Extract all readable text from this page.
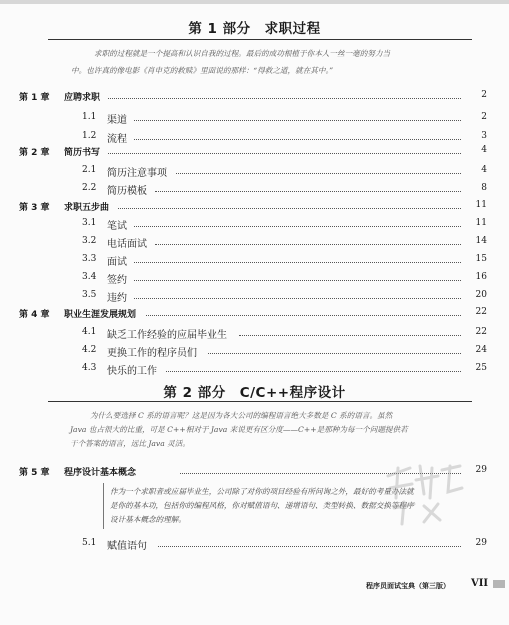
第 1 部分　求职过程
求职的过程就是一个提高和认识自我的过程。最后的成功根植于你本人一丝一毫的努力当
中。也许真的像电影《肖申克的救赎》里面说的那样：“得救之道，就在其中。”
第 1 章 应聘求职	2
1.1 渠道	2
1.2 流程	3
第 2 章 简历书写	4
2.1 简历注意事项	4
2.2 简历模板	8
第 3 章 求职五步曲	11
3.1 笔试	11
3.2 电话面试	14
3.3 面试	15
3.4 签约	16
3.5 违约	20
第 4 章 职业生涯发展规划	22
4.1 缺乏工作经验的应届毕业生	22
4.2 更换工作的程序员们	24
4.3 快乐的工作	25
第 2 部分　C/C++程序设计
为什么要选择 C 系的语言呢？这是因为各大公司的编程语言绝大多数是 C 系的语言。虽然
Java 也占很大的比重，可是 C++相对于 Java 来说更有区分度——C++是那种为每一个问题提供若
干个答案的语言，远比 Java 灵活。
第 5 章 程序设计基本概念	29
作为一个求职者或应届毕业生，公司除了对你的项目经验有所问询之外，最好的考量办法就
是你的基本功，包括你的编程风格，你对赋值语句、递增语句、类型转换、数据交换等程序
设计基本概念的理解。
5.1 赋值语句	29
程序员面试宝典（第三版） VII
